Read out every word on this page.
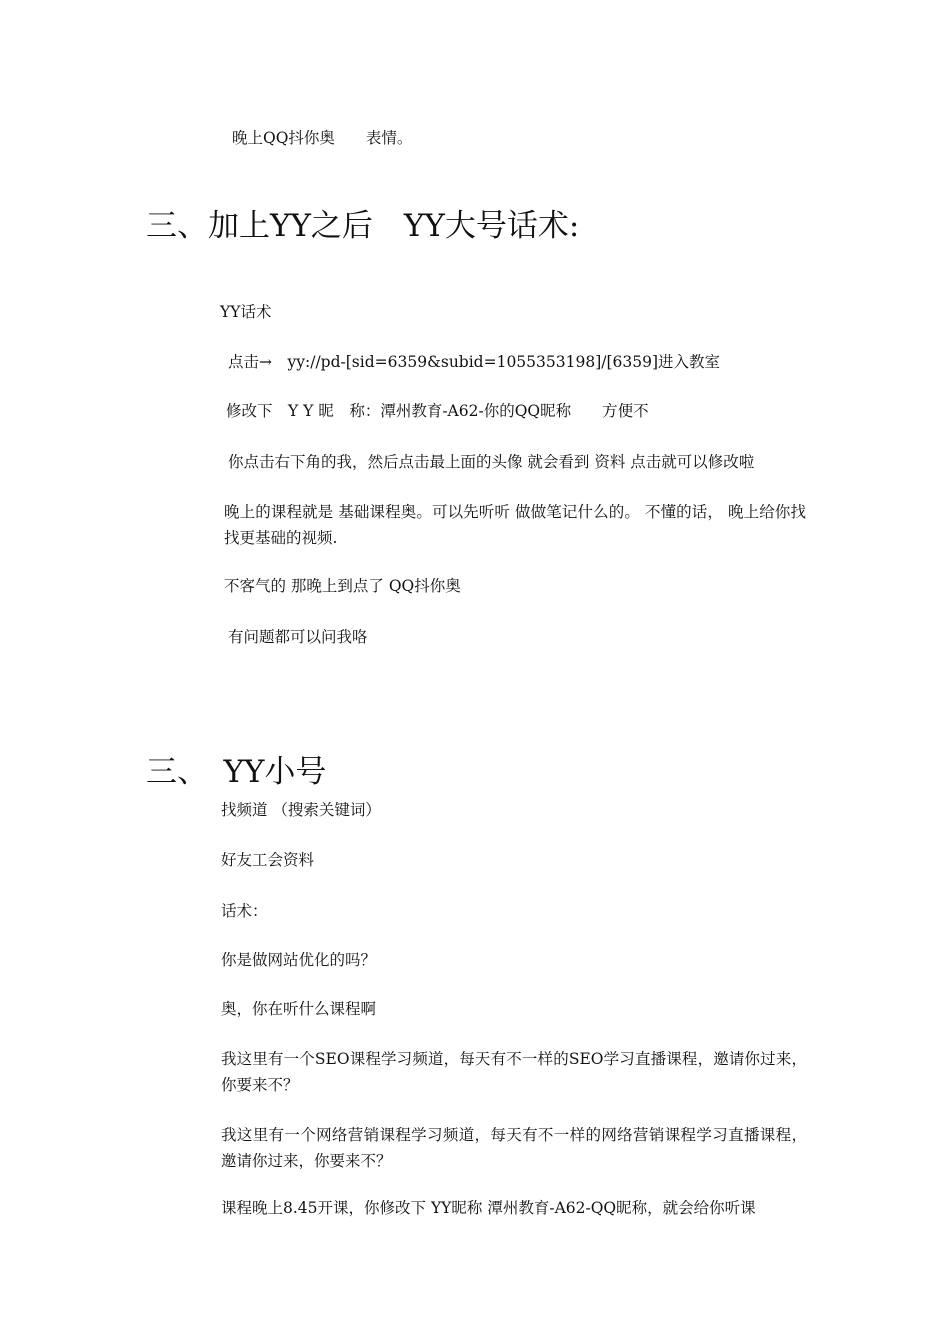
晚上QQ抖你奥　　表情。
三、加上YY之后　YY大号话术:
YY话术
点击→　yy://pd-[sid=6359&subid=1055353198]/[6359]进入教室
修改下　Y Y 昵　称：潭州教育-A62-你的QQ昵称　　方便不
你点击右下角的我，然后点击最上面的头像 就会看到 资料 点击就可以修改啦
晚上的课程就是 基础课程奥。可以先听听 做做笔记什么的。 不懂的话， 晚上给你找找更基础的视频.
不客气的 那晚上到点了 QQ抖你奥
有问题都可以问我咯
三、　YY小号
找频道 （搜索关键词）
好友工会资料
话术：
你是做网站优化的吗？
奥，你在听什么课程啊
我这里有一个SEO课程学习频道，每天有不一样的SEO学习直播课程，邀请你过来，你要来不？
我这里有一个网络营销课程学习频道，每天有不一样的网络营销课程学习直播课程，邀请你过来，你要来不？
课程晚上8.45开课，你修改下 YY昵称 潭州教育-A62-QQ昵称，就会给你听课
